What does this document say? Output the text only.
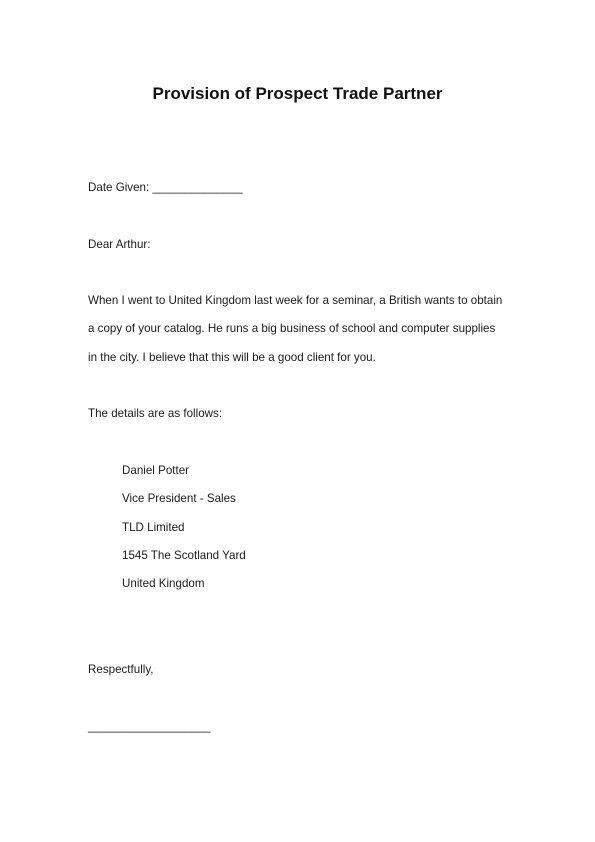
Provision of Prospect Trade Partner

Date Given: ______________

Dear Arthur:

When I went to United Kingdom last week for a seminar, a British wants to obtain

a copy of your catalog. He runs a big business of school and computer supplies

in the city. I believe that this will be a good client for you.

The details are as follows:

Daniel Potter

Vice President - Sales

TLD Limited

1545 The Scotland Yard

United Kingdom

Respectfully,

___________________
